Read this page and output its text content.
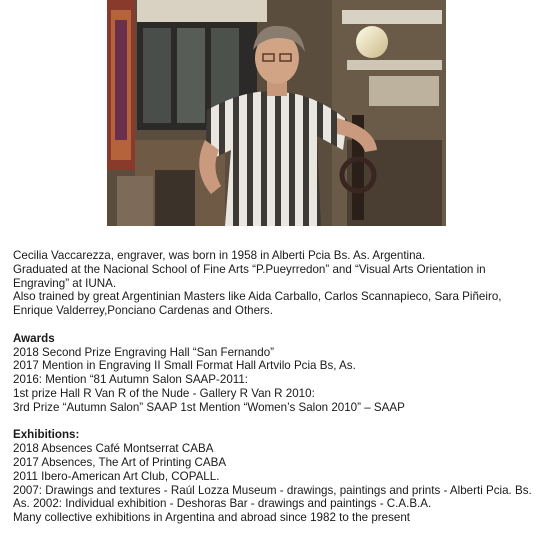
Cecilia Vaccarezza, engraver, was born in 1958 in Alberti Pcia Bs. As. Argentina.

Graduated at the Nacional School of Fine Arts “P.Pueyrredon” and “Visual Arts Orientation in Engraving” at IUNA.

Also trained by great Argentinian Masters like Aida Carballo, Carlos Scannapieco, Sara Piñeiro, Enrique Valderrey,Ponciano Cardenas and Others.

Awards

2018 Second Prize Engraving Hall “San Fernando”

2017 Mention in Engraving II Small Format Hall Artvilo Pcia Bs, As.

2016: Mention “81 Autumn Salon SAAP-2011:

1st prize Hall R Van R of the Nude - Gallery R Van R 2010:

3rd Prize “Autumn Salon” SAAP 1st Mention “Women’s Salon 2010” – SAAP

Exhibitions:

2018 Absences Café Montserrat CABA

2017 Absences, The Art of Printing CABA

2011 Ibero-American Art Club, COPALL.

2007: Drawings and textures - Raúl Lozza Museum - drawings, paintings and prints - Alberti Pcia. Bs. As. 2002: Individual exhibition - Deshoras Bar - drawings and paintings - C.A.B.A.

Many collective exhibitions in Argentina and abroad since 1982 to the present
